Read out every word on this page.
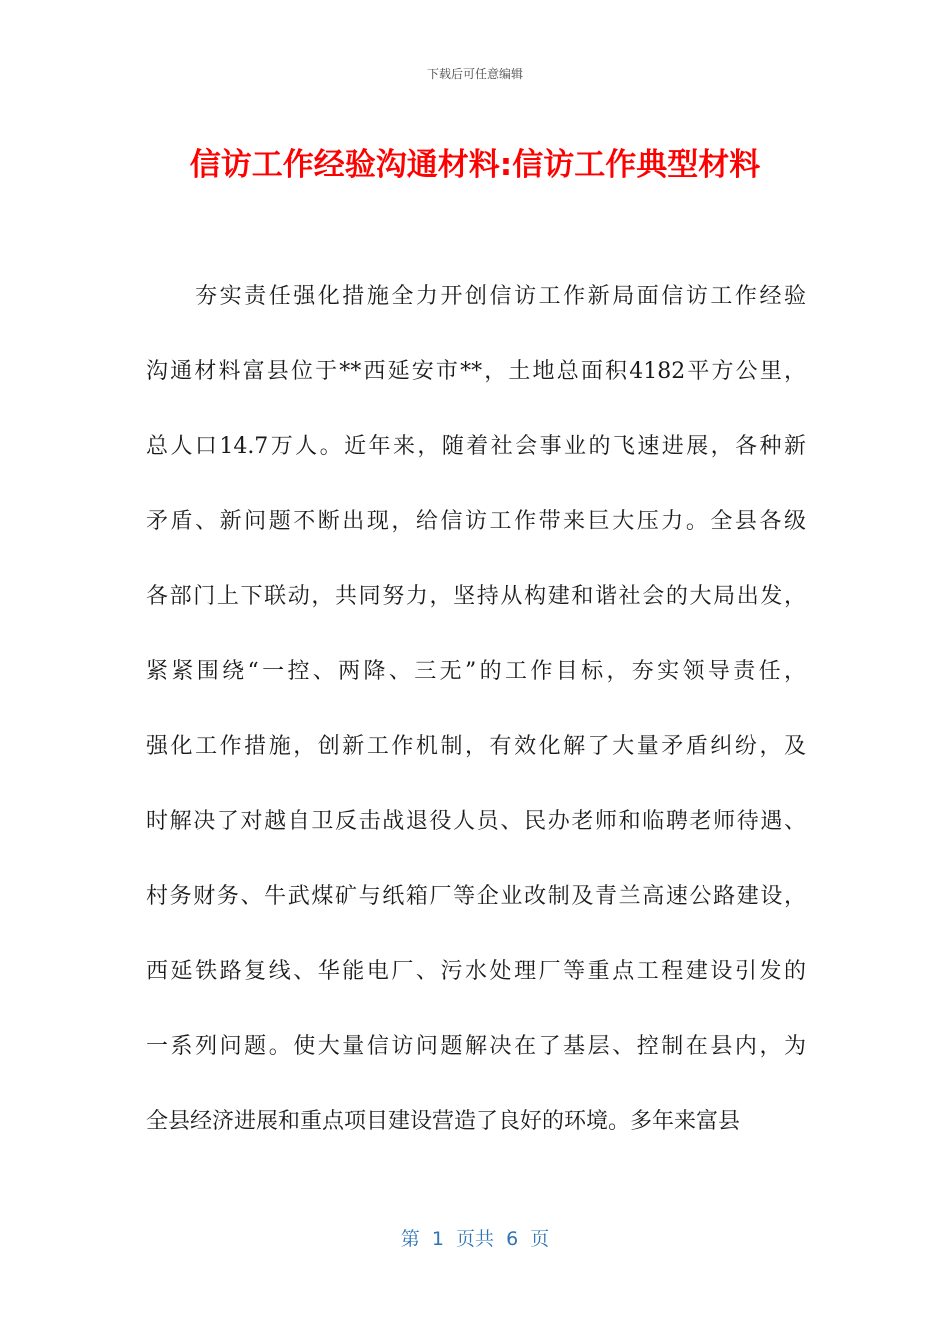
下载后可任意编辑
信访工作经验沟通材料:信访工作典型材料
　　夯实责任强化措施全力开创信访工作新局面信访工作经验
沟通材料富县位于**西延安市**，土地总面积4182平方公里，
总人口14.7万人。近年来，随着社会事业的飞速进展，各种新
矛盾、新问题不断出现，给信访工作带来巨大压力。全县各级
各部门上下联动，共同努力，坚持从构建和谐社会的大局出发，
紧紧围绕“一控、两降、三无”的工作目标，夯实领导责任，
强化工作措施，创新工作机制，有效化解了大量矛盾纠纷，及
时解决了对越自卫反击战退役人员、民办老师和临聘老师待遇、
村务财务、牛武煤矿与纸箱厂等企业改制及青兰高速公路建设，
西延铁路复线、华能电厂、污水处理厂等重点工程建设引发的
一系列问题。使大量信访问题解决在了基层、控制在县内，为
全县经济进展和重点项目建设营造了良好的环境。多年来富县
第  1  页共  6  页
